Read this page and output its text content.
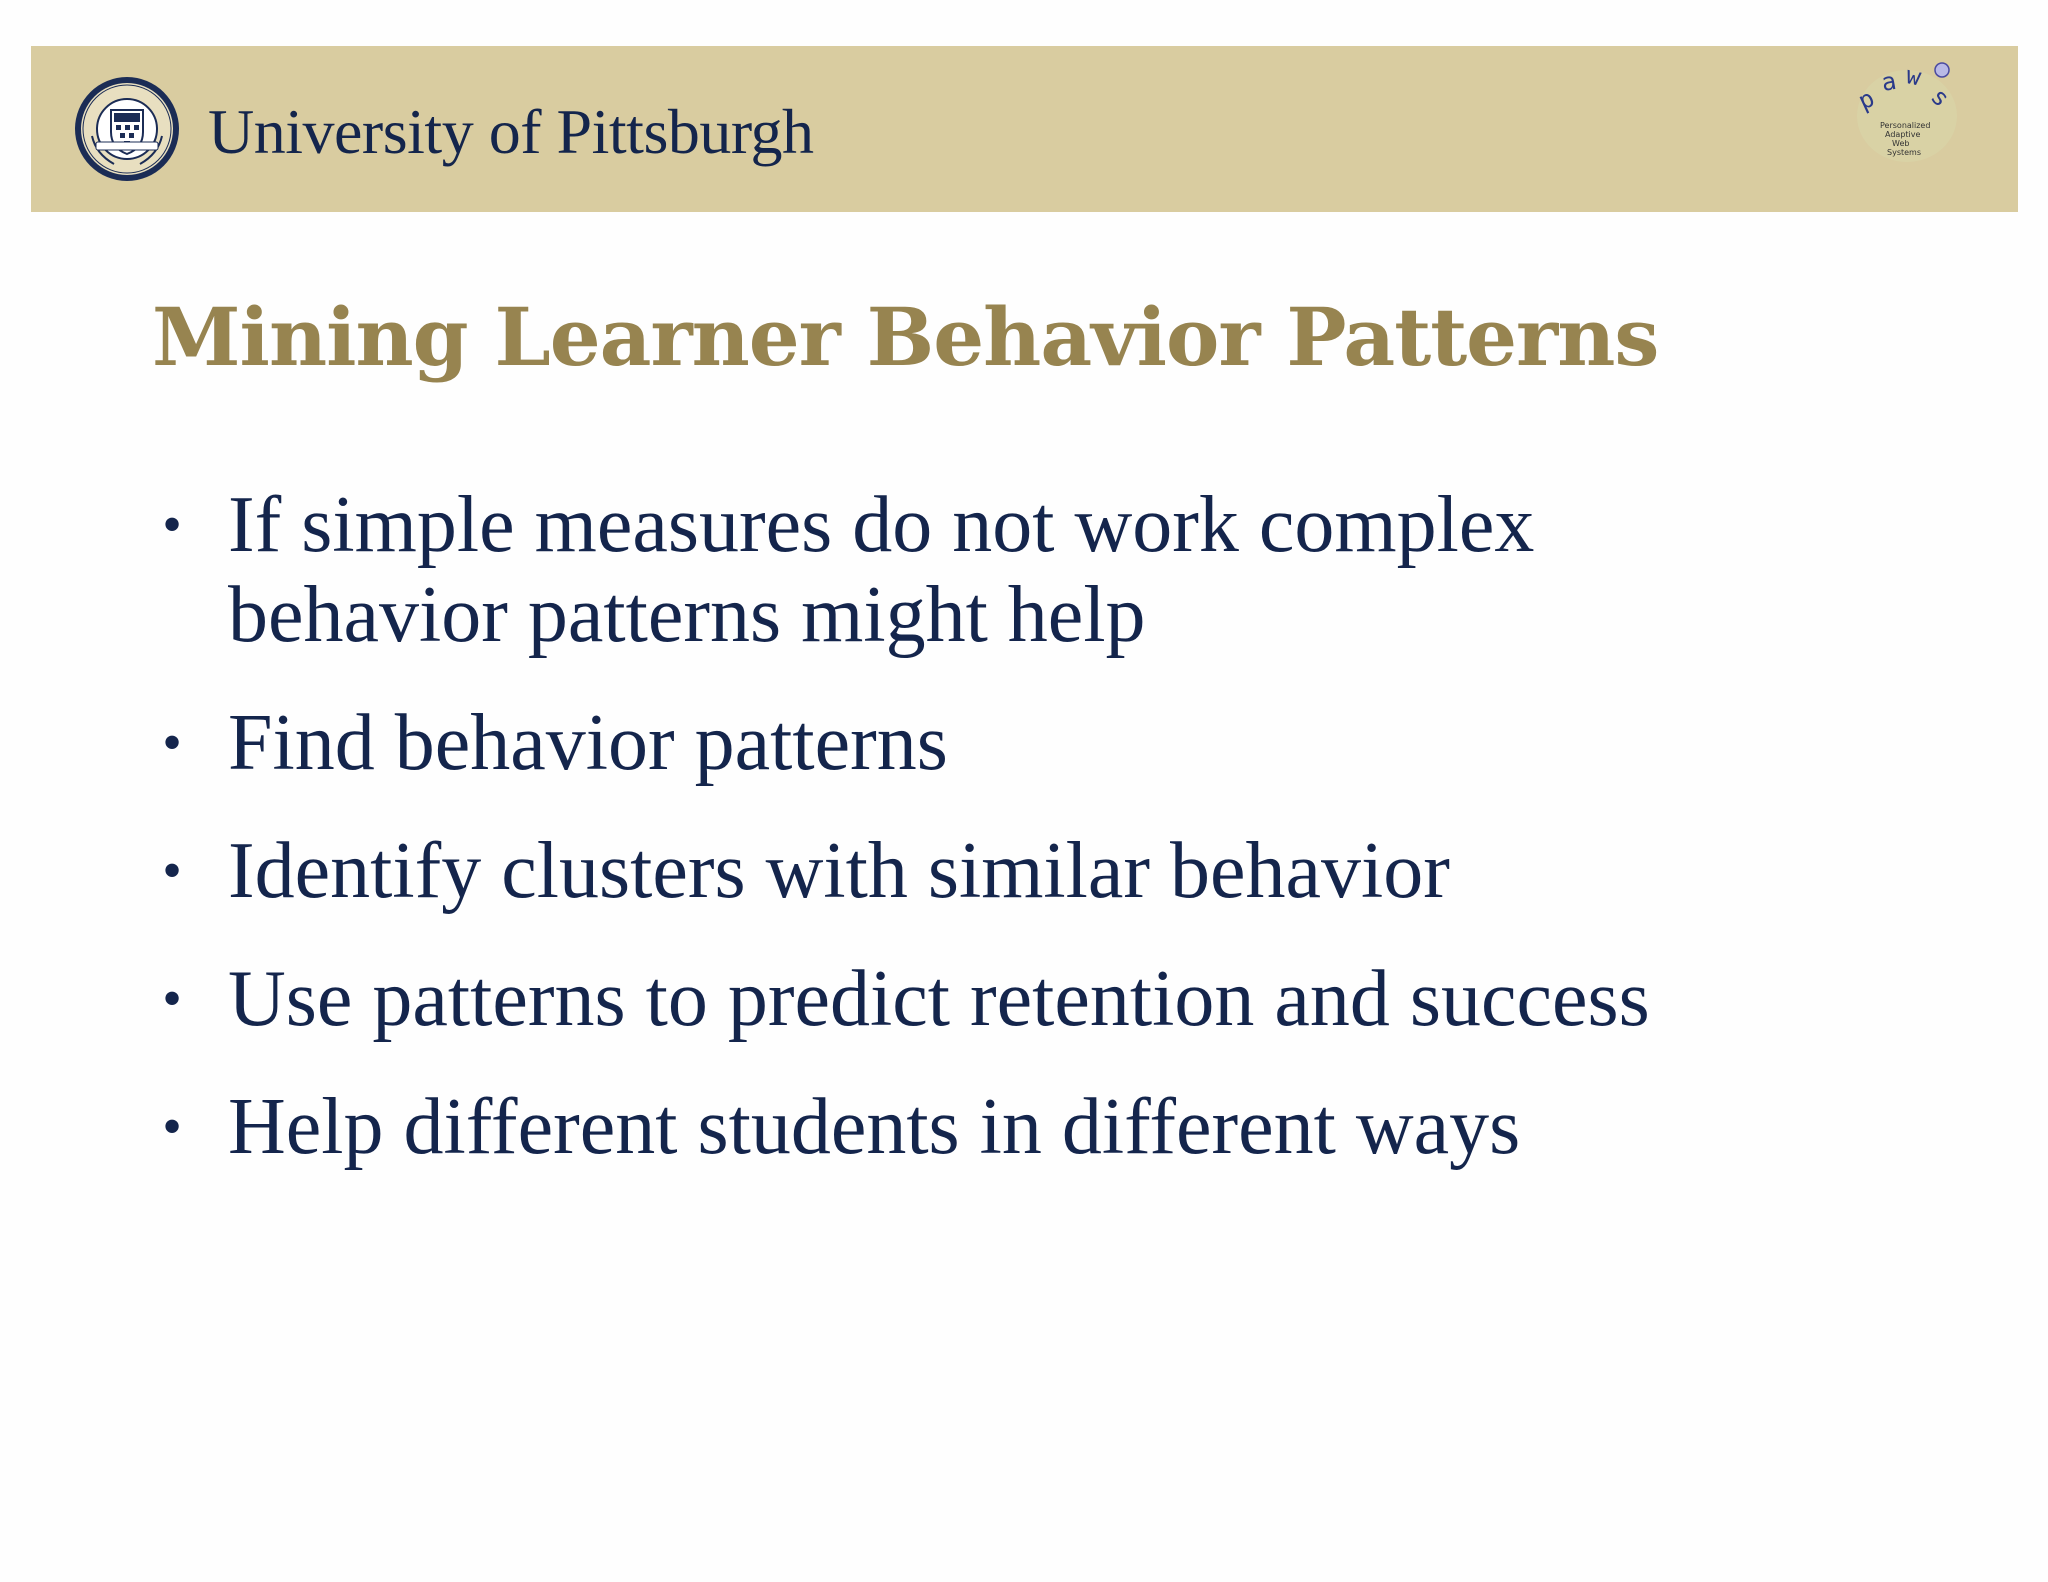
University of Pittsburgh	p
a w
s
Personalized
Adaptive
Web
Systems
Mining Learner Behavior Patterns
• If simple measures do not work complex
behavior patterns might help
• Find behavior patterns
• Identify clusters with similar behavior
• Use patterns to predict retention and success
• Help different students in different ways
